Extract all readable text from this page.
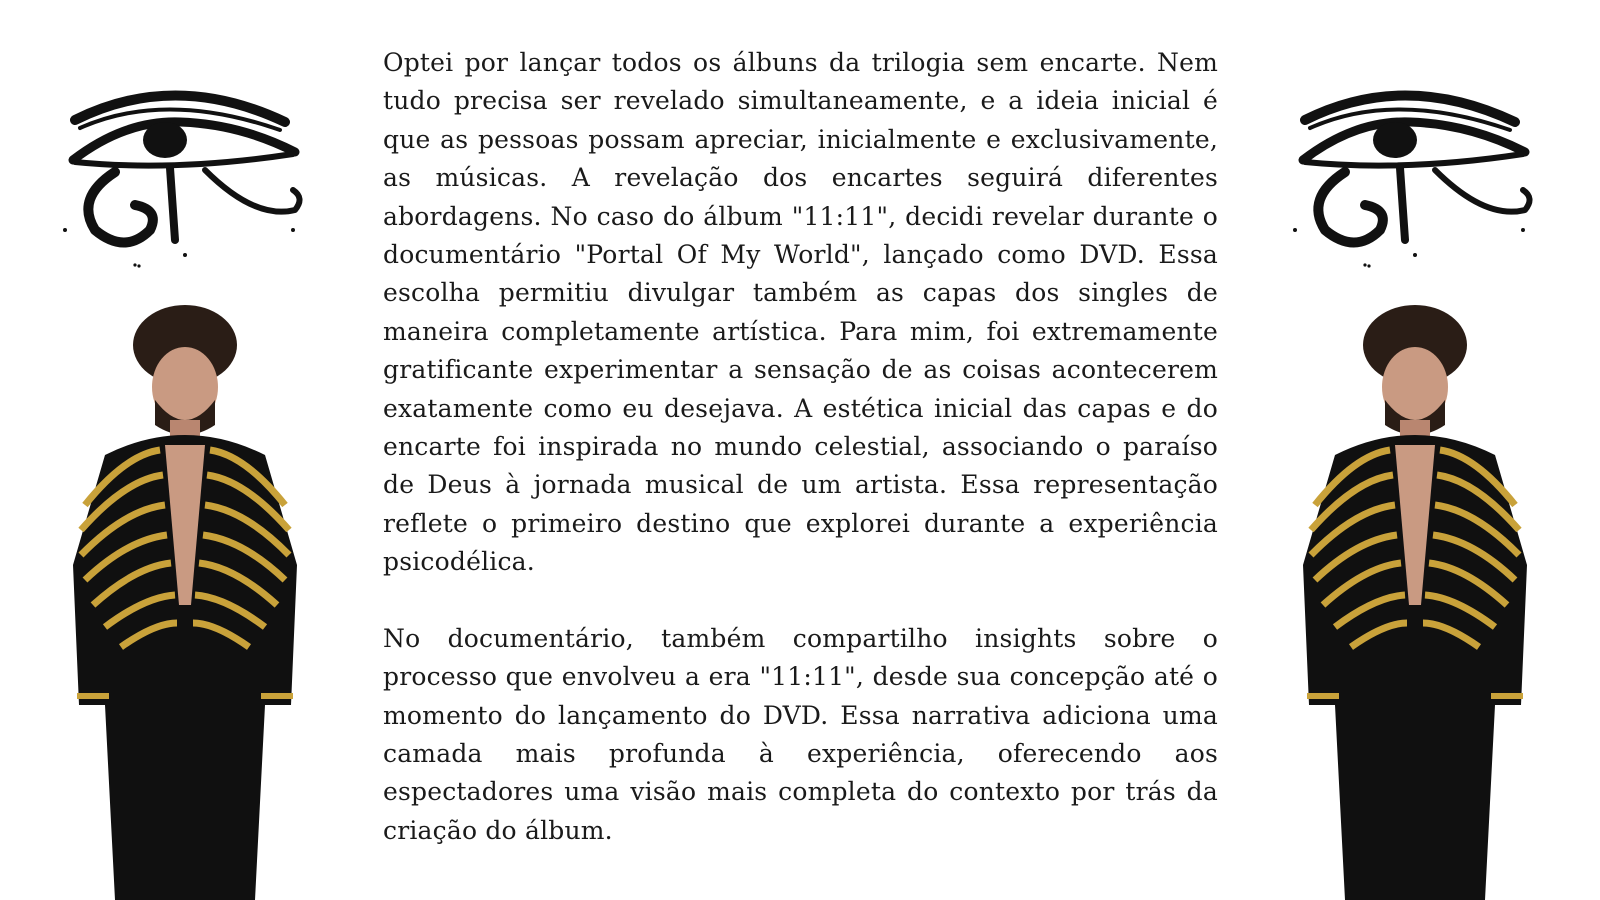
Optei por lançar todos os álbuns da trilogia sem encarte. Nem tudo precisa ser revelado simultaneamente, e a ideia inicial é que as pessoas possam apreciar, inicialmente e exclusivamente, as músicas. A revelação dos encartes seguirá diferentes abordagens. No caso do álbum "11:11", decidi revelar durante o documentário "Portal Of My World", lançado como DVD. Essa escolha permitiu divulgar também as capas dos singles de maneira completamente artística. Para mim, foi extremamente gratificante experimentar a sensação de as coisas acontecerem exatamente como eu desejava. A estética inicial das capas e do encarte foi inspirada no mundo celestial, associando o paraíso de Deus à jornada musical de um artista. Essa representação reflete o primeiro destino que explorei durante a experiência psicodélica.

No documentário, também compartilho insights sobre o processo que envolveu a era "11:11", desde sua concepção até o momento do lançamento do DVD. Essa narrativa adiciona uma camada mais profunda à experiência, oferecendo aos espectadores uma visão mais completa do contexto por trás da criação do álbum.
